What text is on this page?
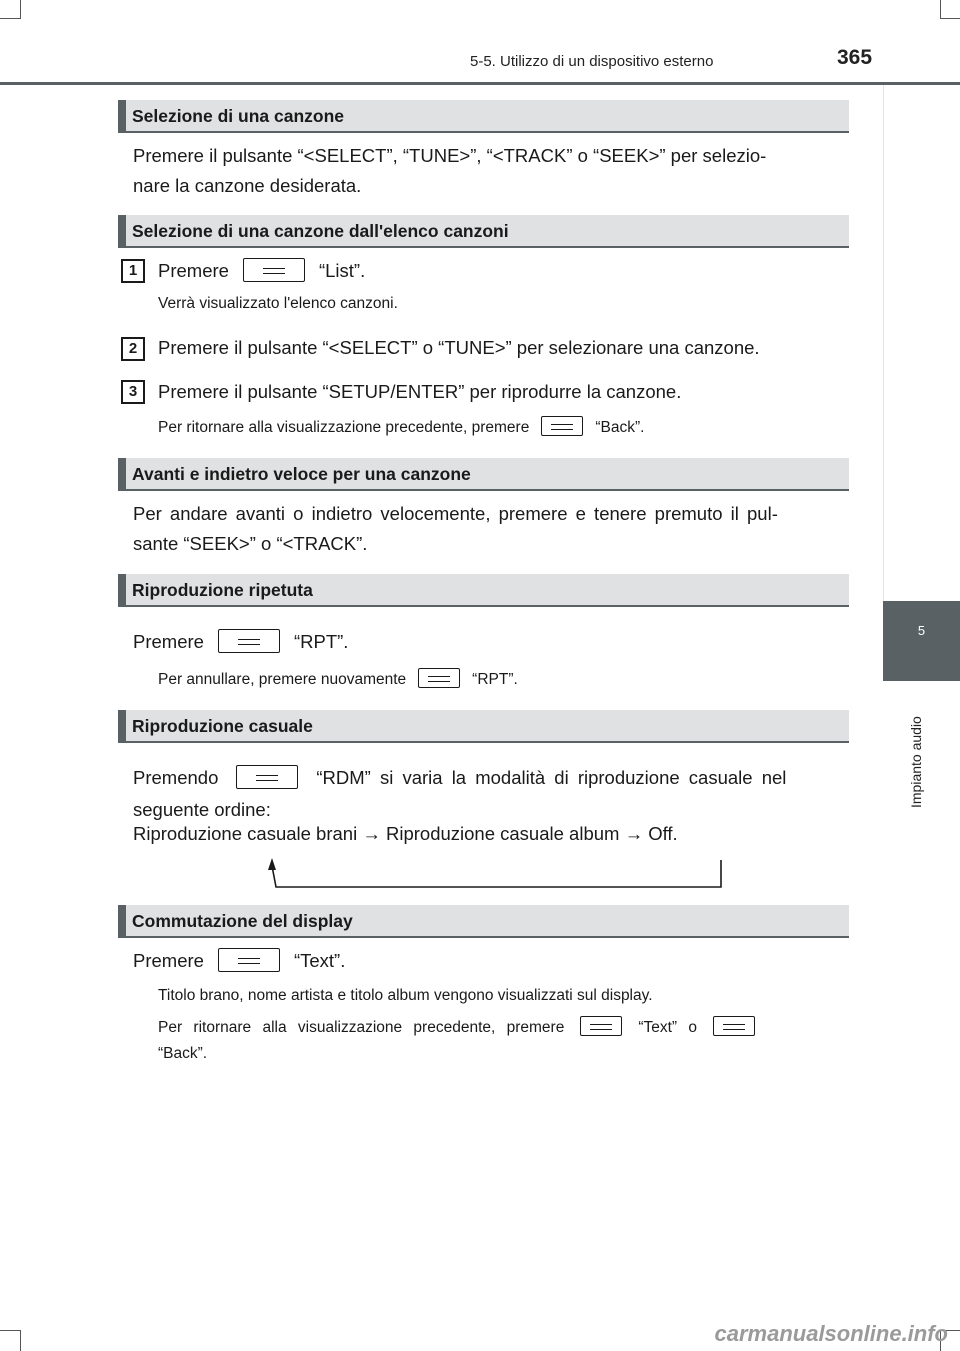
5-5. Utilizzo di un dispositivo esterno	365
5
Impianto audio
Selezione di una canzone
Premere il pulsante “<SELECT”, “TUNE>”, “<TRACK” o “SEEK>” per selezio-
nare la canzone desiderata.
Selezione di una canzone dall'elenco canzoni
1	Premere	“List”.
Verrà visualizzato l'elenco canzoni.
2	Premere il pulsante “<SELECT” o “TUNE>” per selezionare una canzone.
3	Premere il pulsante “SETUP/ENTER” per riprodurre la canzone.
Per ritornare alla visualizzazione precedente, premere	“Back”.
Avanti e indietro veloce per una canzone
Per andare avanti o indietro velocemente, premere e tenere premuto il pul-
sante “SEEK>” o “<TRACK”.
Riproduzione ripetuta
Premere	“RPT”.
Per annullare, premere nuovamente	“RPT”.
Riproduzione casuale
Premendo	“RDM” si varia la modalità di riproduzione casuale nel
seguente ordine:
Riproduzione casuale brani → Riproduzione casuale album → Off.
Commutazione del display
Premere	“Text”.
Titolo brano, nome artista e titolo album vengono visualizzati sul display.
Per ritornare alla visualizzazione precedente, premere	“Text” o
“Back”.
carmanualsonline.info
